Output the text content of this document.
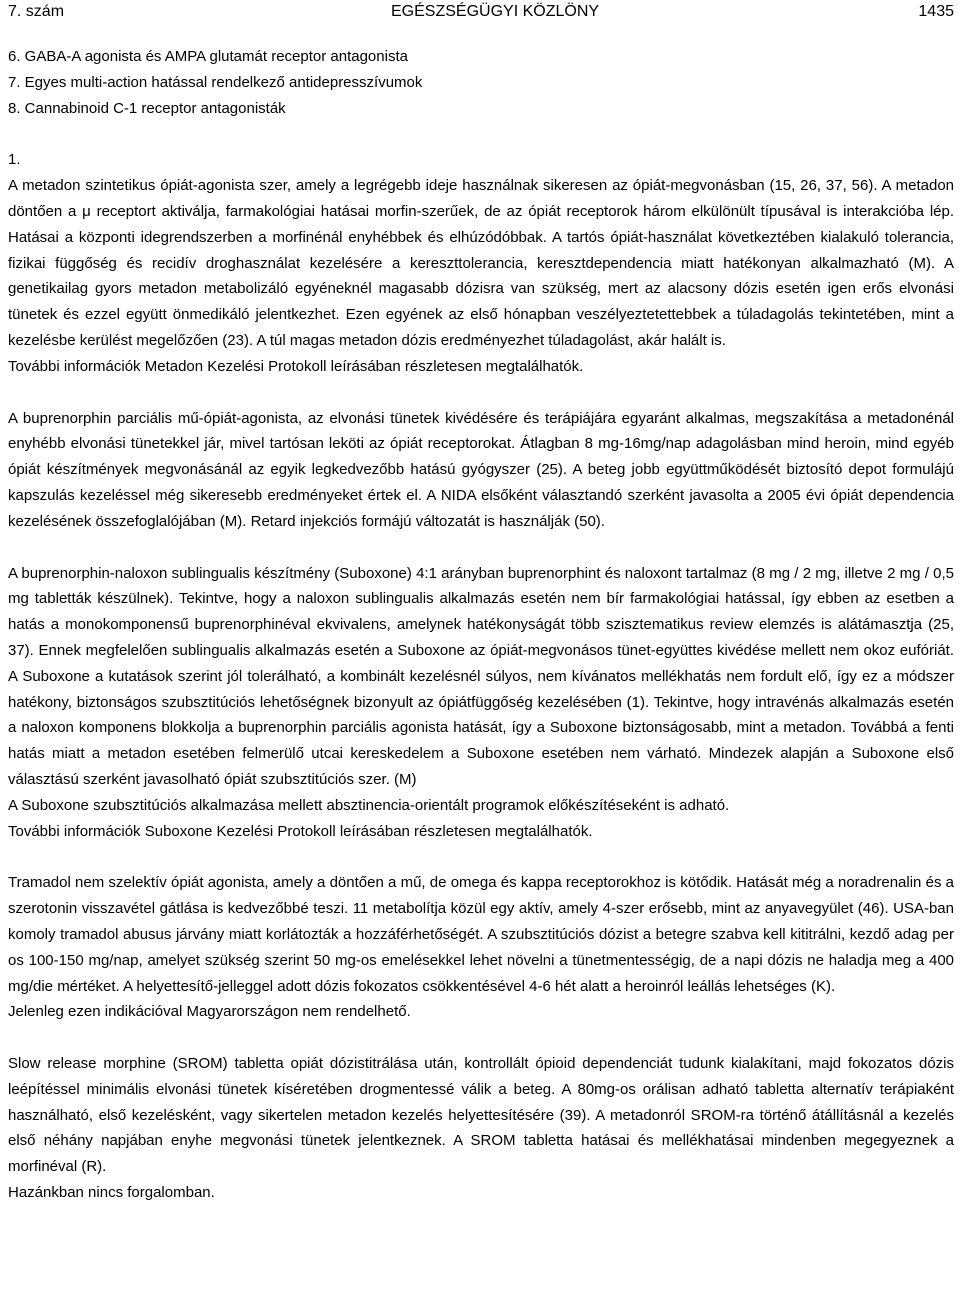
7. szám	EGÉSZSÉGÜGYI KÖZLÖNY	1435

6. GABA-A agonista és AMPA glutamát receptor antagonista

7. Egyes multi-action hatással rendelkező antidepresszívumok

8. Cannabinoid C-1 receptor antagonisták

1.

A metadon szintetikus ópiát-agonista szer, amely a legrégebb ideje használnak sikeresen az ópiát-megvonásban (15, 26, 37, 56). A metadon döntően a μ receptort aktiválja, farmakológiai hatásai morfin-szerűek, de az ópiát receptorok három elkülönült típusával is interakcióba lép. Hatásai a központi idegrendszerben a morfinénál enyhébbek és elhúzódóbbak. A tartós ópiát-használat következtében kialakuló tolerancia, fizikai függőség és recidív droghasználat kezelésére a kereszttolerancia, keresztdependencia miatt hatékonyan alkalmazható (M). A genetikailag gyors metadon metabolizáló egyéneknél magasabb dózisra van szükség, mert az alacsony dózis esetén igen erős elvonási tünetek és ezzel együtt önmedikáló jelentkezhet. Ezen egyének az első hónapban veszélyeztetettebbek a túladagolás tekintetében, mint a kezelésbe kerülést megelőzően (23). A túl magas metadon dózis eredményezhet túladagolást, akár halált is.

További információk Metadon Kezelési Protokoll leírásában részletesen megtalálhatók.

A buprenorphin parciális mű-ópiát-agonista, az elvonási tünetek kivédésére és terápiájára egyaránt alkalmas, megszakítása a metadonénál enyhébb elvonási tünetekkel jár, mivel tartósan leköti az ópiát receptorokat. Átlagban 8 mg-16mg/nap adagolásban mind heroin, mind egyéb ópiát készítmények megvonásánál az egyik legkedvezőbb hatású gyógyszer (25). A beteg jobb együttműködését biztosító depot formulájú kapszulás kezeléssel még sikeresebb eredményeket értek el. A NIDA elsőként választandó szerként javasolta a 2005 évi ópiát dependencia kezelésének összefoglalójában (M). Retard injekciós formájú változatát is használják (50).

A buprenorphin-naloxon sublingualis készítmény (Suboxone) 4:1 arányban buprenorphint és naloxont tartalmaz (8 mg / 2 mg, illetve 2 mg / 0,5 mg tabletták készülnek). Tekintve, hogy a naloxon sublingualis alkalmazás esetén nem bír farmakológiai hatással, így ebben az esetben a hatás a monokomponensű buprenorphinéval ekvivalens, amelynek hatékonyságát több szisztematikus review elemzés is alátámasztja (25, 37). Ennek megfelelően sublingualis alkalmazás esetén a Suboxone az ópiát-megvonásos tünet-együttes kivédése mellett nem okoz eufóriát. A Suboxone a kutatások szerint jól tolerálható, a kombinált kezelésnél súlyos, nem kívánatos mellékhatás nem fordult elő, így ez a módszer hatékony, biztonságos szubsztitúciós lehetőségnek bizonyult az ópiátfüggőség kezelésében (1). Tekintve, hogy intravénás alkalmazás esetén a naloxon komponens blokkolja a buprenorphin parciális agonista hatását, így a Suboxone biztonságosabb, mint a metadon. Továbbá a fenti hatás miatt a metadon esetében felmerülő utcai kereskedelem a Suboxone esetében nem várható. Mindezek alapján a Suboxone első választású szerként javasolható ópiát szubsztitúciós szer. (M)

A Suboxone szubsztitúciós alkalmazása mellett absztinencia-orientált programok előkészítéseként is adható.

További információk Suboxone Kezelési Protokoll leírásában részletesen megtalálhatók.

Tramadol nem szelektív ópiát agonista, amely a döntően a mű, de omega és kappa receptorokhoz is kötődik. Hatását még a noradrenalin és a szerotonin visszavétel gátlása is kedvezőbbé teszi. 11 metabolítja közül egy aktív, amely 4-szer erősebb, mint az anyavegyület (46). USA-ban komoly tramadol abusus járvány miatt korlátozták a hozzáférhetőségét. A szubsztitúciós dózist a betegre szabva kell kititrálni, kezdő adag per os 100-150 mg/nap, amelyet szükség szerint 50 mg-os emelésekkel lehet növelni a tünetmentességig, de a napi dózis ne haladja meg a 400 mg/die mértéket. A helyettesítő-jelleggel adott dózis fokozatos csökkentésével 4-6 hét alatt a heroinról leállás lehetséges (K).

Jelenleg ezen indikációval Magyarországon nem rendelhető.

Slow release morphine (SROM) tabletta opiát dózistitrálása után, kontrollált ópioid dependenciát tudunk kialakítani, majd fokozatos dózis leépítéssel minimális elvonási tünetek kíséretében drogmentessé válik a beteg. A 80mg-os orálisan adható tabletta alternatív terápiaként használható, első kezelésként, vagy sikertelen metadon kezelés helyettesítésére (39). A metadonról SROM-ra történő átállításnál a kezelés első néhány napjában enyhe megvonási tünetek jelentkeznek. A SROM tabletta hatásai és mellékhatásai mindenben megegyeznek a morfinéval (R).

Hazánkban nincs forgalomban.
